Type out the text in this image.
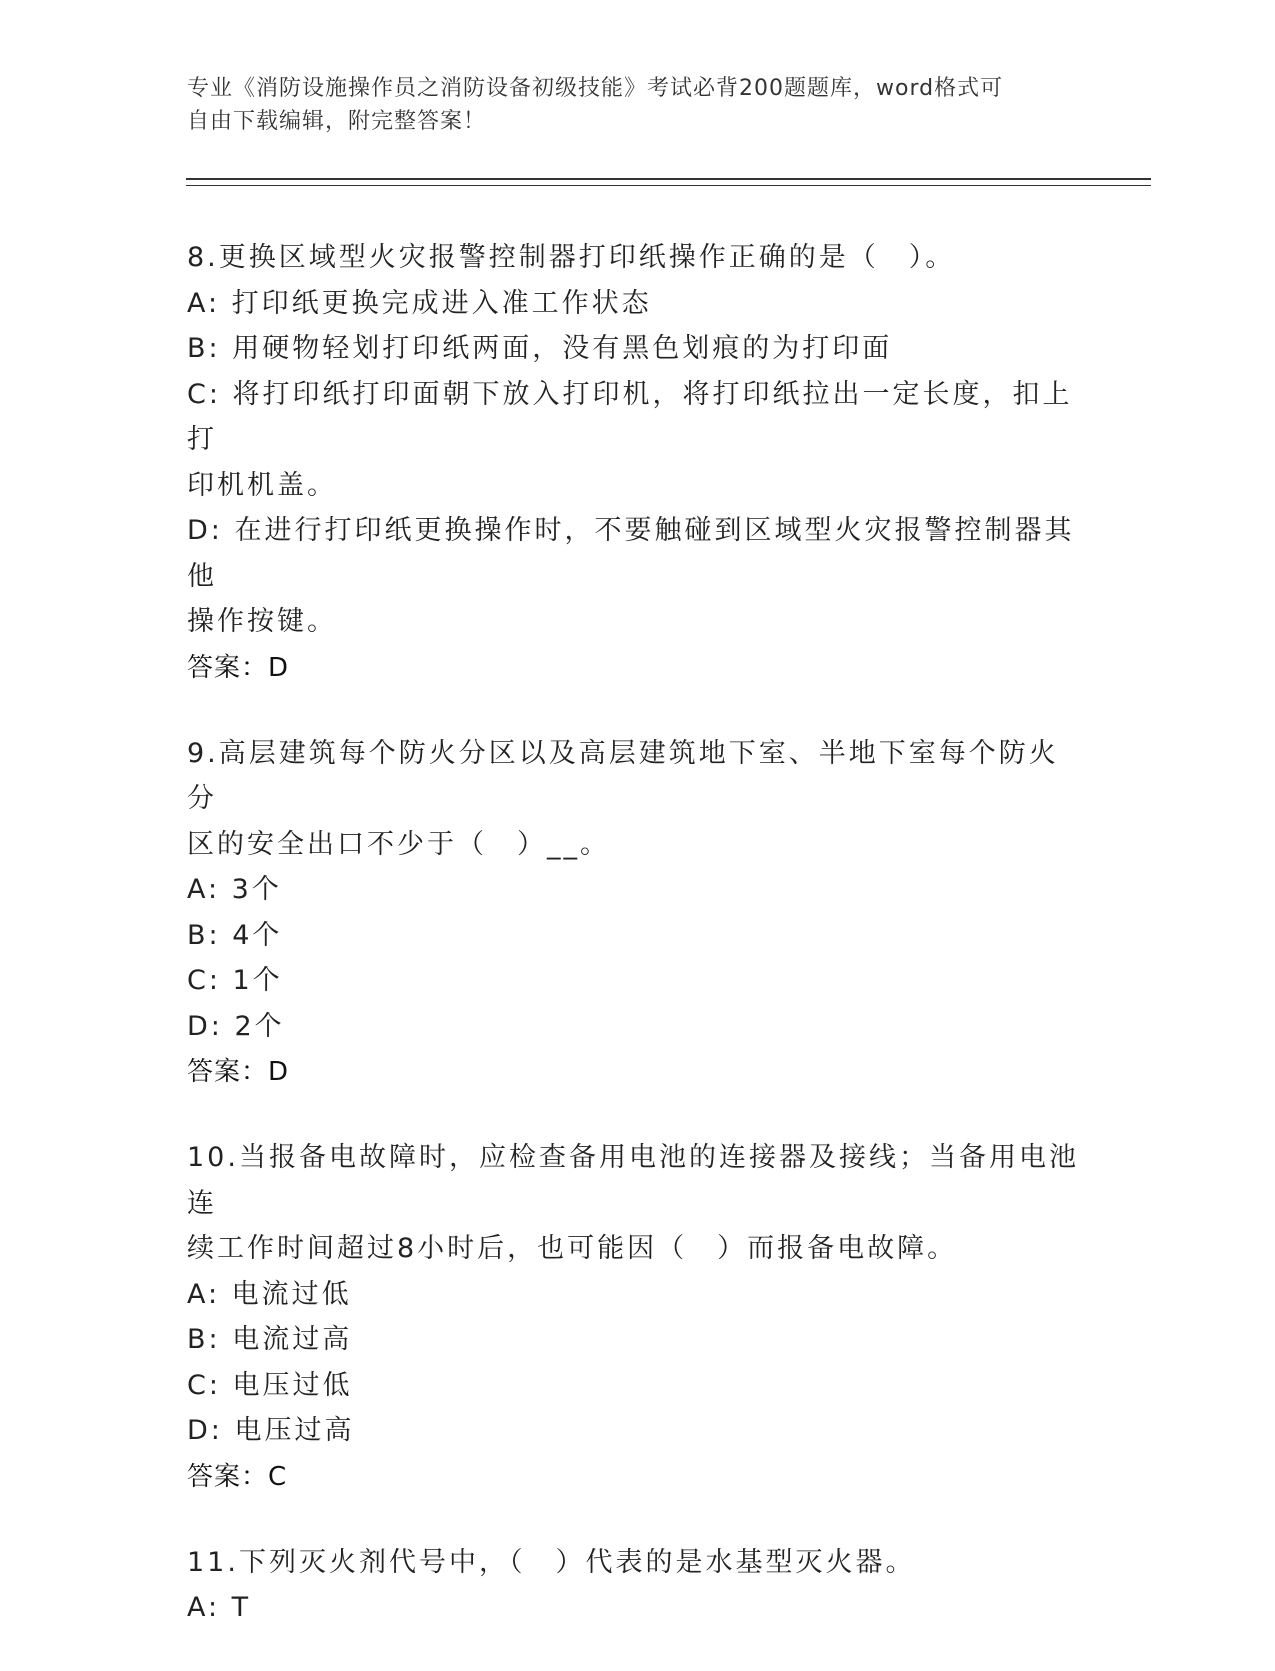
专业《消防设施操作员之消防设备初级技能》考试必背200题题库，word格式可
自由下载编辑，附完整答案！
8.更换区域型火灾报警控制器打印纸操作正确的是（　）。
A: 打印纸更换完成进入准工作状态
B: 用硬物轻划打印纸两面，没有黑色划痕的为打印面
C: 将打印纸打印面朝下放入打印机，将打印纸拉出一定长度，扣上打
印机机盖。
D: 在进行打印纸更换操作时，不要触碰到区域型火灾报警控制器其他
操作按键。
答案：D
9.高层建筑每个防火分区以及高层建筑地下室、半地下室每个防火分
区的安全出口不少于（　）__。
A: 3个
B: 4个
C: 1个
D: 2个
答案：D
10.当报备电故障时，应检查备用电池的连接器及接线；当备用电池连
续工作时间超过8小时后，也可能因（　）而报备电故障。
A: 电流过低
B: 电流过高
C: 电压过低
D: 电压过高
答案：C
11.下列灭火剂代号中，（　）代表的是水基型灭火器。
A: T
